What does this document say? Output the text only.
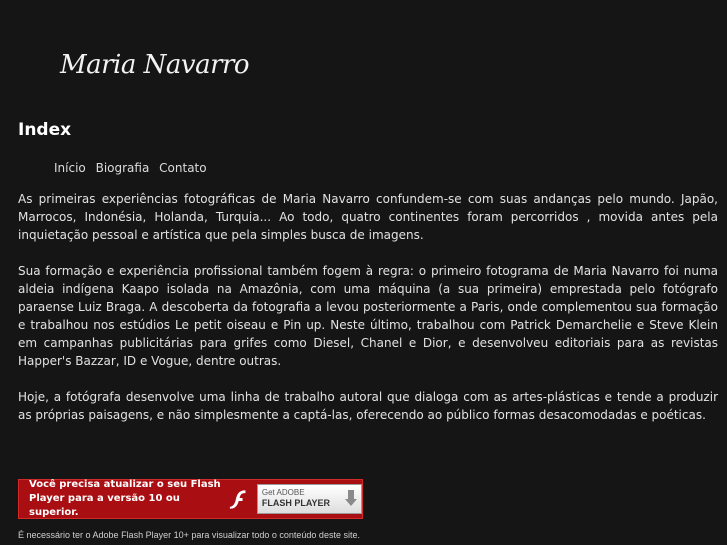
Maria Navarro
Index
Início Biografia Contato

As primeiras experiências fotográficas de Maria Navarro confundem-se com suas andanças pelo mundo. Japão, Marrocos, Indonésia, Holanda, Turquia... Ao todo, quatro continentes foram percorridos , movida antes pela inquietação pessoal e artística que pela simples busca de imagens.

Sua formação e experiência profissional também fogem à regra: o primeiro fotograma de Maria Navarro foi numa aldeia indígena Kaapo isolada na Amazônia, com uma máquina (a sua primeira) emprestada pelo fotógrafo paraense Luiz Braga. A descoberta da fotografia a levou posteriormente a Paris, onde complementou sua formação e trabalhou nos estúdios Le petit oiseau e Pin up. Neste último, trabalhou com Patrick Demarchelie e Steve Klein em campanhas publicitárias para grifes como Diesel, Chanel e Dior, e desenvolveu editoriais para as revistas Happer's Bazzar, ID e Vogue, dentre outras.

Hoje, a fotógrafa desenvolve uma linha de trabalho autoral que dialoga com as artes-plásticas e tende a produzir as próprias paisagens, e não simplesmente a captá-las, oferecendo ao público formas desacomodadas e poéticas.

Você precisa atualizar o seu Flash Player para a versão 10 ou superior.
Get ADOBE
FLASH PLAYER
É necessário ter o Adobe Flash Player 10+ para visualizar todo o conteúdo deste site.
